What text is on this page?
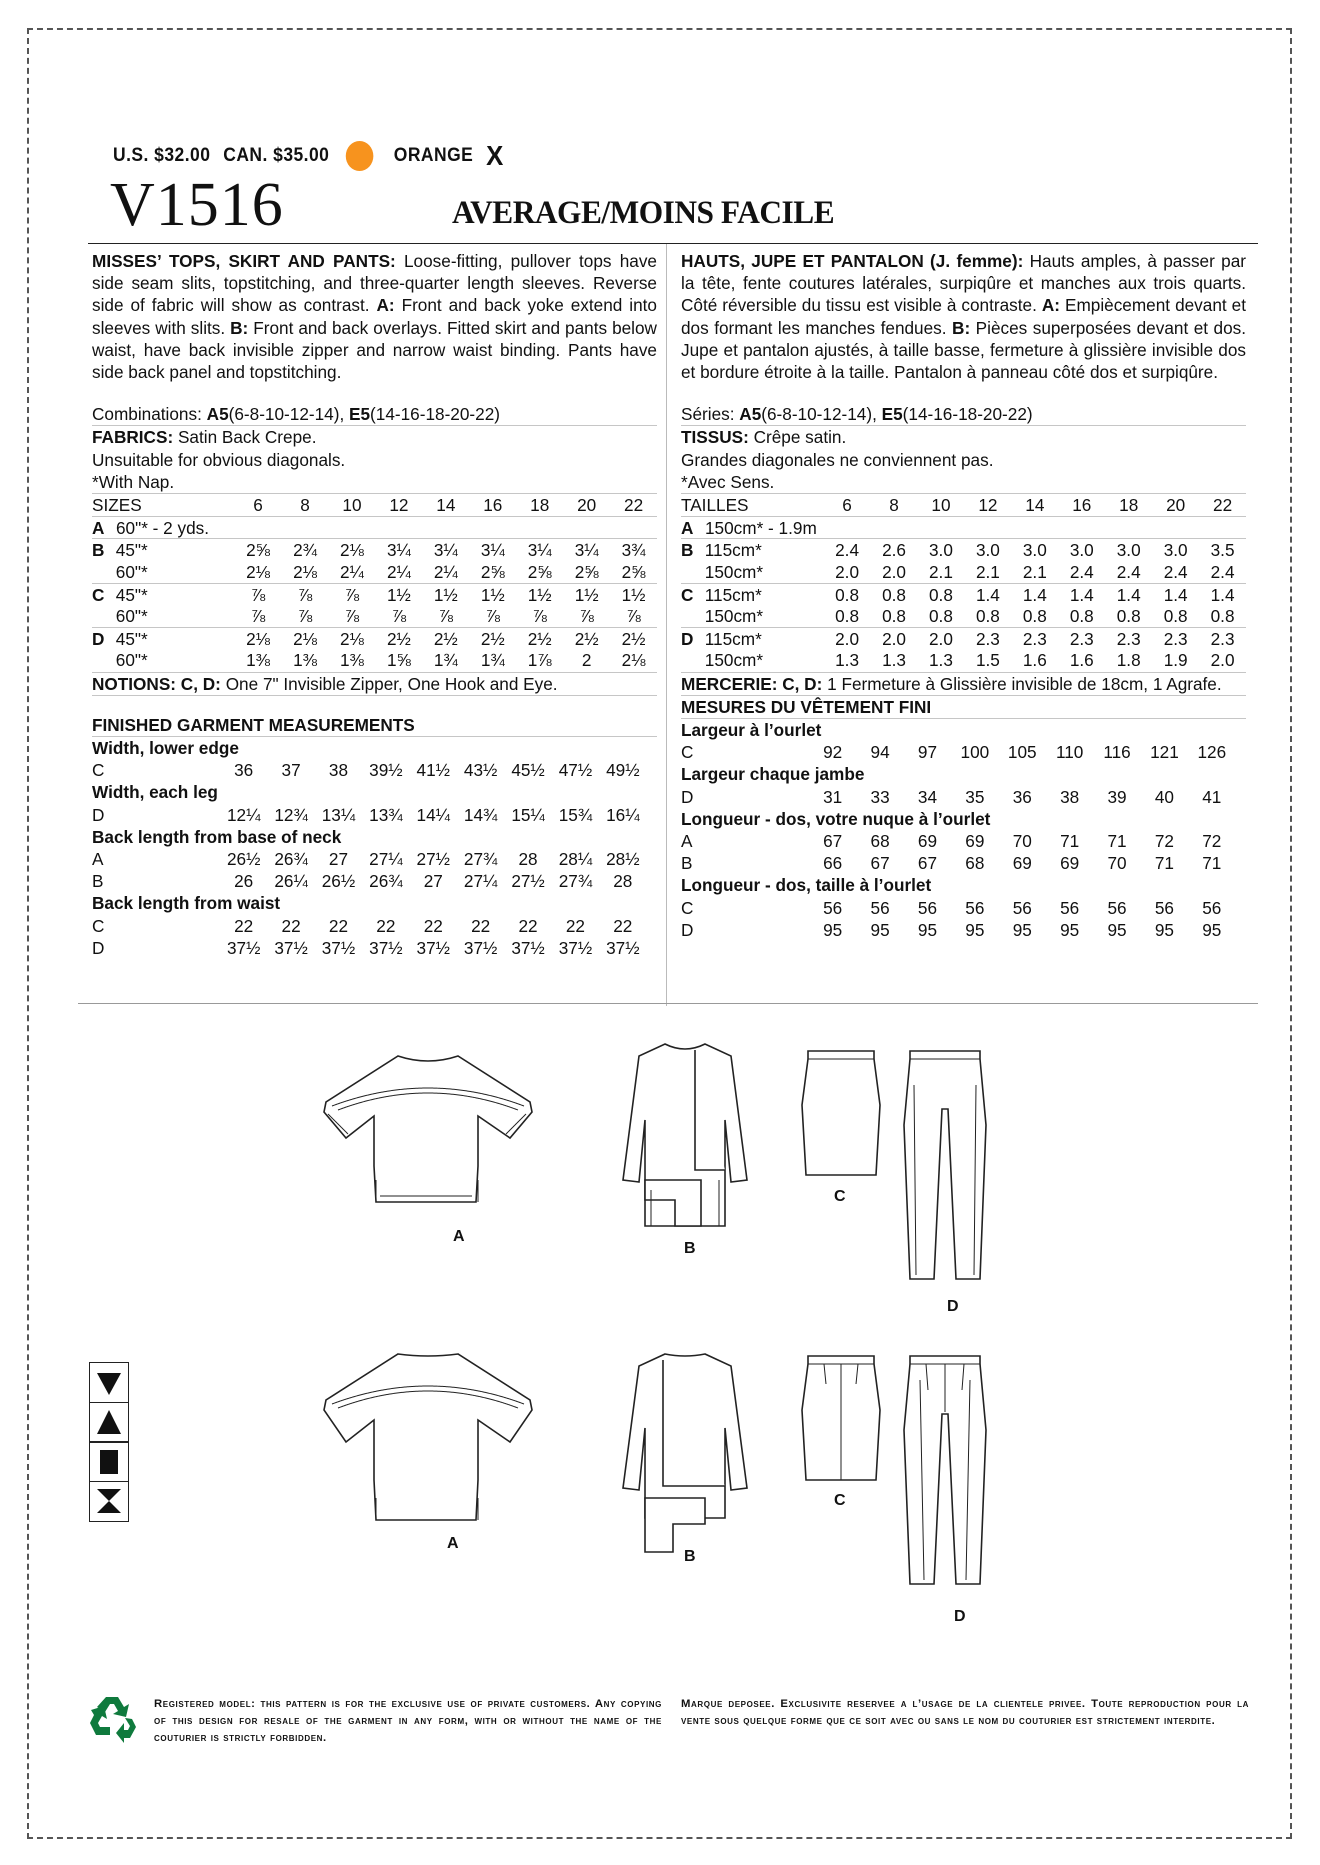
U.S. $32.00 CAN. $35.00	ORANGE X
V1516	AVERAGE/MOINS FACILE

MISSES’ TOPS, SKIRT AND PANTS: Loose-fitting, pullover tops have side seam slits, topstitching, and three-quarter length sleeves. Reverse side of fabric will show as contrast. A: Front and back yoke extend into sleeves with slits. B: Front and back overlays. Fitted skirt and pants below waist, have back invisible zipper and narrow waist binding. Pants have side back panel and topstitching.

Combinations: A5(6-8-10-12-14), E5(14-16-18-20-22)
FABRICS: Satin Back Crepe.
Unsuitable for obvious diagonals.
*With Nap.
SIZES	6	8	10	12	14	16	18	20	22
A 60"* - 2 yds.
B 45"*	2⅝	2¾	2⅛	3¼	3¼	3¼	3¼	3¼	3¾
60"*	2⅛	2⅛	2¼	2¼	2¼	2⅝	2⅝	2⅝	2⅝
C 45"*	⅞	⅞	⅞	1½	1½	1½	1½	1½	1½
60"*	⅞	⅞	⅞	⅞	⅞	⅞	⅞	⅞	⅞
D 45"*	2⅛	2⅛	2⅛	2½	2½	2½	2½	2½	2½
60"*	1⅜	1⅜	1⅜	1⅝	1¾	1¾	1⅞	2	2⅛
NOTIONS: C, D: One 7" Invisible Zipper, One Hook and Eye.
FINISHED GARMENT MEASUREMENTS
Width, lower edge
C	36	37	38	39½ 41½ 43½ 45½ 47½ 49½
Width, each leg
D	12¼ 12¾ 13¼ 13¾ 14¼ 14¾ 15¼ 15¾ 16¼
Back length from base of neck
A	26½ 26¾	27	27¼ 27½ 27¾	28	28¼ 28½
B	26	26¼ 26½ 26¾	27	27¼ 27½ 27¾	28
Back length from waist
C	22	22	22	22	22	22	22	22	22
D	37½ 37½ 37½ 37½ 37½ 37½ 37½ 37½ 37½

HAUTS, JUPE ET PANTALON (J. femme): Hauts amples, à passer par la tête, fente coutures latérales, surpiqûre et manches aux trois quarts. Côté réversible du tissu est visible à contraste. A: Empiècement devant et dos formant les manches fendues. B: Pièces superposées devant et dos. Jupe et pantalon ajustés, à taille basse, fermeture à glissière invisible dos et bordure étroite à la taille. Pantalon à panneau côté dos et surpiqûre.

Séries: A5(6-8-10-12-14), E5(14-16-18-20-22)
TISSUS: Crêpe satin.
Grandes diagonales ne conviennent pas.
*Avec Sens.
TAILLES	6	8	10	12	14	16	18	20	22
A 150cm* - 1.9m
B 115cm*	2.4	2.6	3.0	3.0	3.0	3.0	3.0	3.0	3.5
150cm*	2.0	2.0	2.1	2.1	2.1	2.4	2.4	2.4	2.4
C 115cm*	0.8	0.8	0.8	1.4	1.4	1.4	1.4	1.4	1.4
150cm*	0.8	0.8	0.8	0.8	0.8	0.8	0.8	0.8	0.8
D 115cm*	2.0	2.0	2.0	2.3	2.3	2.3	2.3	2.3	2.3
150cm*	1.3	1.3	1.3	1.5	1.6	1.6	1.8	1.9	2.0
MERCERIE: C, D: 1 Fermeture à Glissière invisible de 18cm, 1 Agrafe.
MESURES DU VÊTEMENT FINI
Largeur à l’ourlet
C	92	94	97	100	105	110	116	121	126
Largeur chaque jambe
D	31	33	34	35	36	38	39	40	41
Longueur - dos, votre nuque à l’ourlet
A	67	68	69	69	70	71	71	72	72
B	66	67	67	68	69	69	70	71	71
Longueur - dos, taille à l’ourlet
C	56	56	56	56	56	56	56	56	56
D	95	95	95	95	95	95	95	95	95
A
B
C
D
A
B
C
D
Registered model: this pattern is for the exclusive use of private customers. Any copying of this design for resale of the garment in any form, with or without the name of the couturier is strictly forbidden.
Marque deposee. Exclusivite reservee a l’usage de la clientele privee. Toute reproduction pour la vente sous quelque forme que ce soit avec ou sans le nom du couturier est strictement interdite.
